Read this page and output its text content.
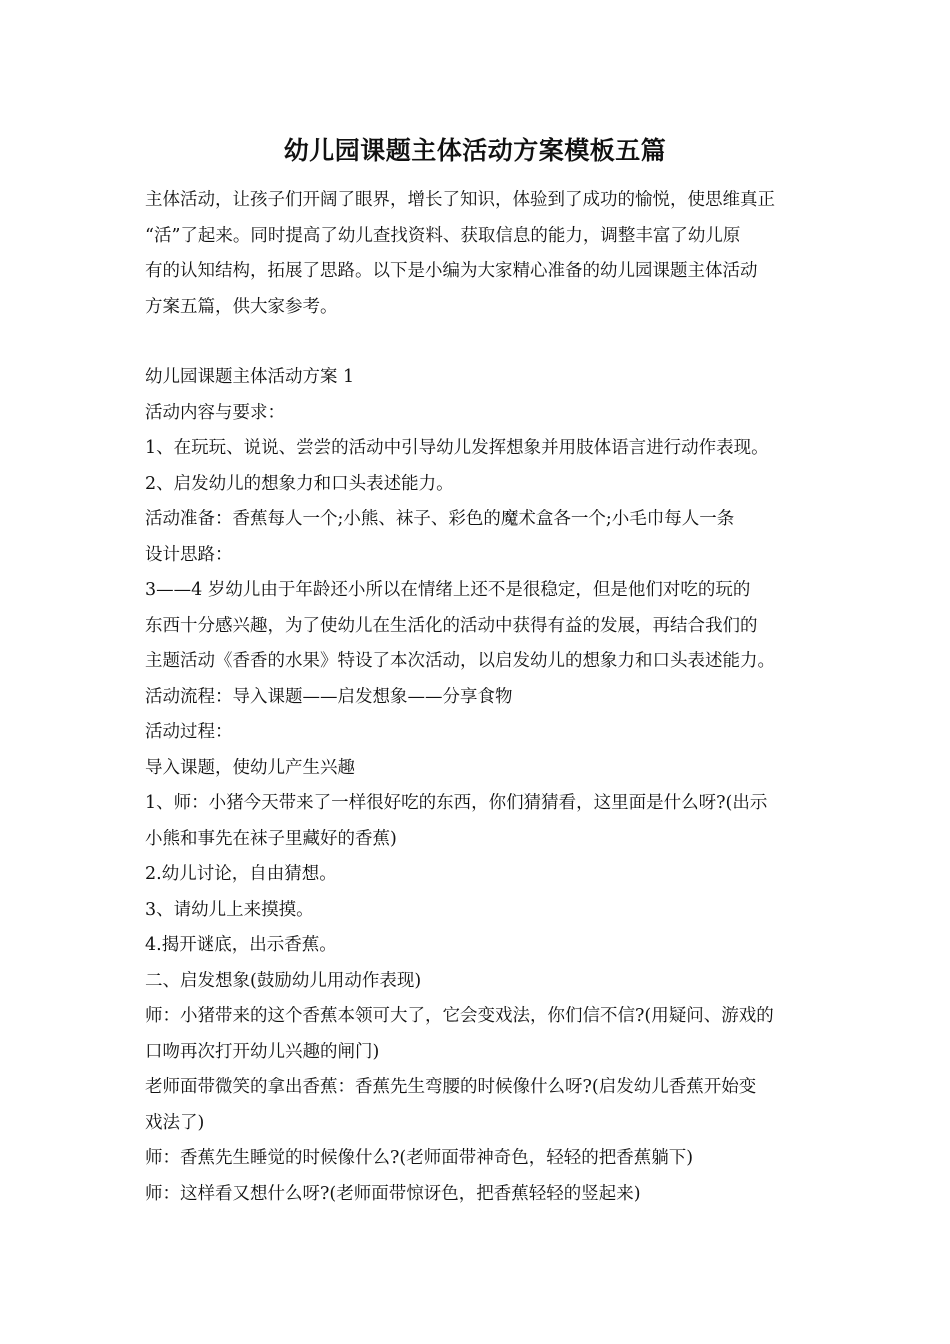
幼儿园课题主体活动方案模板五篇

主体活动，让孩子们开阔了眼界，增长了知识，体验到了成功的愉悦，使思维真正

“活”了起来。同时提高了幼儿查找资料、获取信息的能力，调整丰富了幼儿原

有的认知结构，拓展了思路。以下是小编为大家精心准备的幼儿园课题主体活动

方案五篇，供大家参考。

幼儿园课题主体活动方案 1

活动内容与要求：

1、在玩玩、说说、尝尝的活动中引导幼儿发挥想象并用肢体语言进行动作表现。

2、启发幼儿的想象力和口头表述能力。

活动准备：香蕉每人一个;小熊、袜子、彩色的魔术盒各一个;小毛巾每人一条

设计思路：

3——4 岁幼儿由于年龄还小所以在情绪上还不是很稳定，但是他们对吃的玩的

东西十分感兴趣，为了使幼儿在生活化的活动中获得有益的发展，再结合我们的

主题活动《香香的水果》特设了本次活动，以启发幼儿的想象力和口头表述能力。

活动流程：导入课题——启发想象——分享食物

活动过程：

导入课题，使幼儿产生兴趣

1、师：小猪今天带来了一样很好吃的东西，你们猜猜看，这里面是什么呀?(出示

小熊和事先在袜子里藏好的香蕉)

2.幼儿讨论，自由猜想。

3、请幼儿上来摸摸。

4.揭开谜底，出示香蕉。

二、启发想象(鼓励幼儿用动作表现)

师：小猪带来的这个香蕉本领可大了，它会变戏法，你们信不信?(用疑问、游戏的

口吻再次打开幼儿兴趣的闸门)

老师面带微笑的拿出香蕉：香蕉先生弯腰的时候像什么呀?(启发幼儿香蕉开始变

戏法了)

师：香蕉先生睡觉的时候像什么?(老师面带神奇色，轻轻的把香蕉躺下)

师：这样看又想什么呀?(老师面带惊讶色，把香蕉轻轻的竖起来)
